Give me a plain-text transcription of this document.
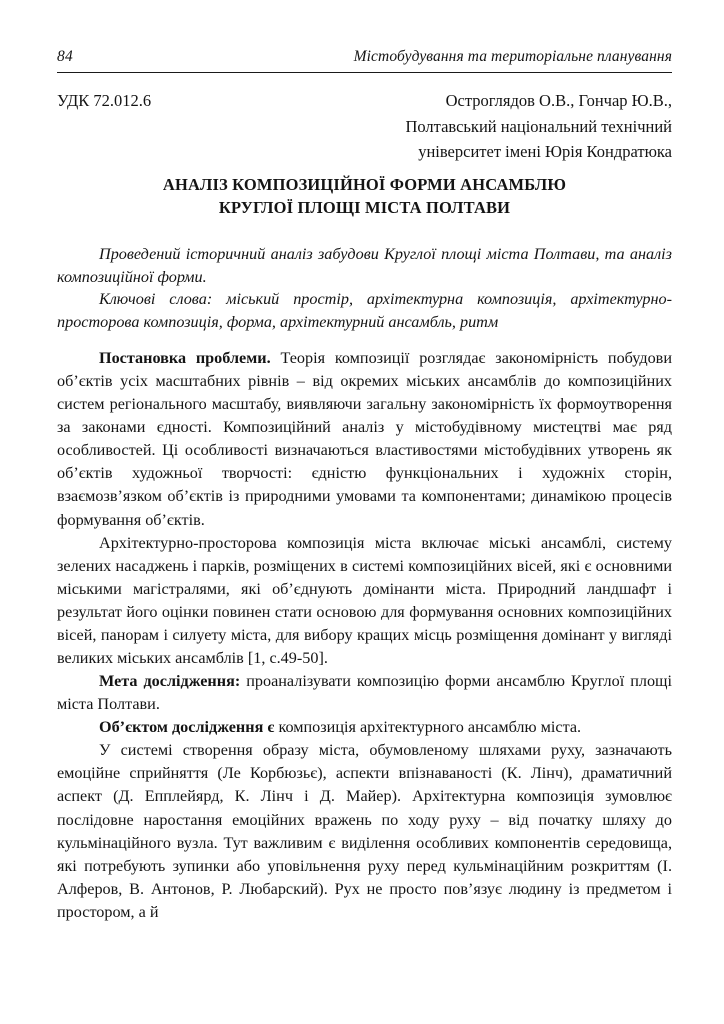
84	Містобудування та територіальне планування
УДК 72.012.6	Остроглядов О.В., Гончар Ю.В.,
Полтавський національний технічний
університет імені Юрія Кондратюка
АНАЛІЗ КОМПОЗИЦІЙНОЇ ФОРМИ АНСАМБЛЮ
КРУГЛОЇ ПЛОЩІ МІСТА ПОЛТАВИ

Проведений історичний аналіз забудови Круглої площі міста Полтави, та аналіз композиційної форми.

Ключові слова: міський простір, архітектурна композиція, архітектурно-просторова композиція, форма, архітектурний ансамбль, ритм

Постановка проблеми. Теорія композиції розглядає закономірність побудови об’єктів усіх масштабних рівнів – від окремих міських ансамблів до композиційних систем регіонального масштабу, виявляючи загальну закономірність їх формоутворення за законами єдності. Композиційний аналіз у містобудівному мистецтві має ряд особливостей. Ці особливості визначаються властивостями містобудівних утворень як об’єктів художньої творчості: єдністю функціональних і художніх сторін, взаємозв’язком об’єктів із природними умовами та компонентами; динамікою процесів формування об’єктів.

Архітектурно-просторова композиція міста включає міські ансамблі, систему зелених насаджень і парків, розміщених в системі композиційних вісей, які є основними міськими магістралями, які об’єднують домінанти міста. Природний ландшафт і результат його оцінки повинен стати основою для формування основних композиційних вісей, панорам і силуету міста, для вибору кращих місць розміщення домінант у вигляді великих міських ансамблів [1, с.49-50].

Мета дослідження: проаналізувати композицію форми ансамблю Круглої площі міста Полтави.

Об’єктом дослідження є композиція архітектурного ансамблю міста.

У системі створення образу міста, обумовленому шляхами руху, зазначають емоційне сприйняття (Ле Корбюзьє), аспекти впізнаваності (К. Лінч), драматичний аспект (Д. Епплейярд, К. Лінч і Д. Майер). Архітектурна композиція зумовлює послідовне наростання емоційних вражень по ходу руху – від початку шляху до кульмінаційного вузла. Тут важливим є виділення особливих компонентів середовища, які потребують зупинки або уповільнення руху перед кульмінаційним розкриттям (І. Алферов, В. Антонов, Р. Любарский). Рух не просто пов’язує людину із предметом і простором, а й
